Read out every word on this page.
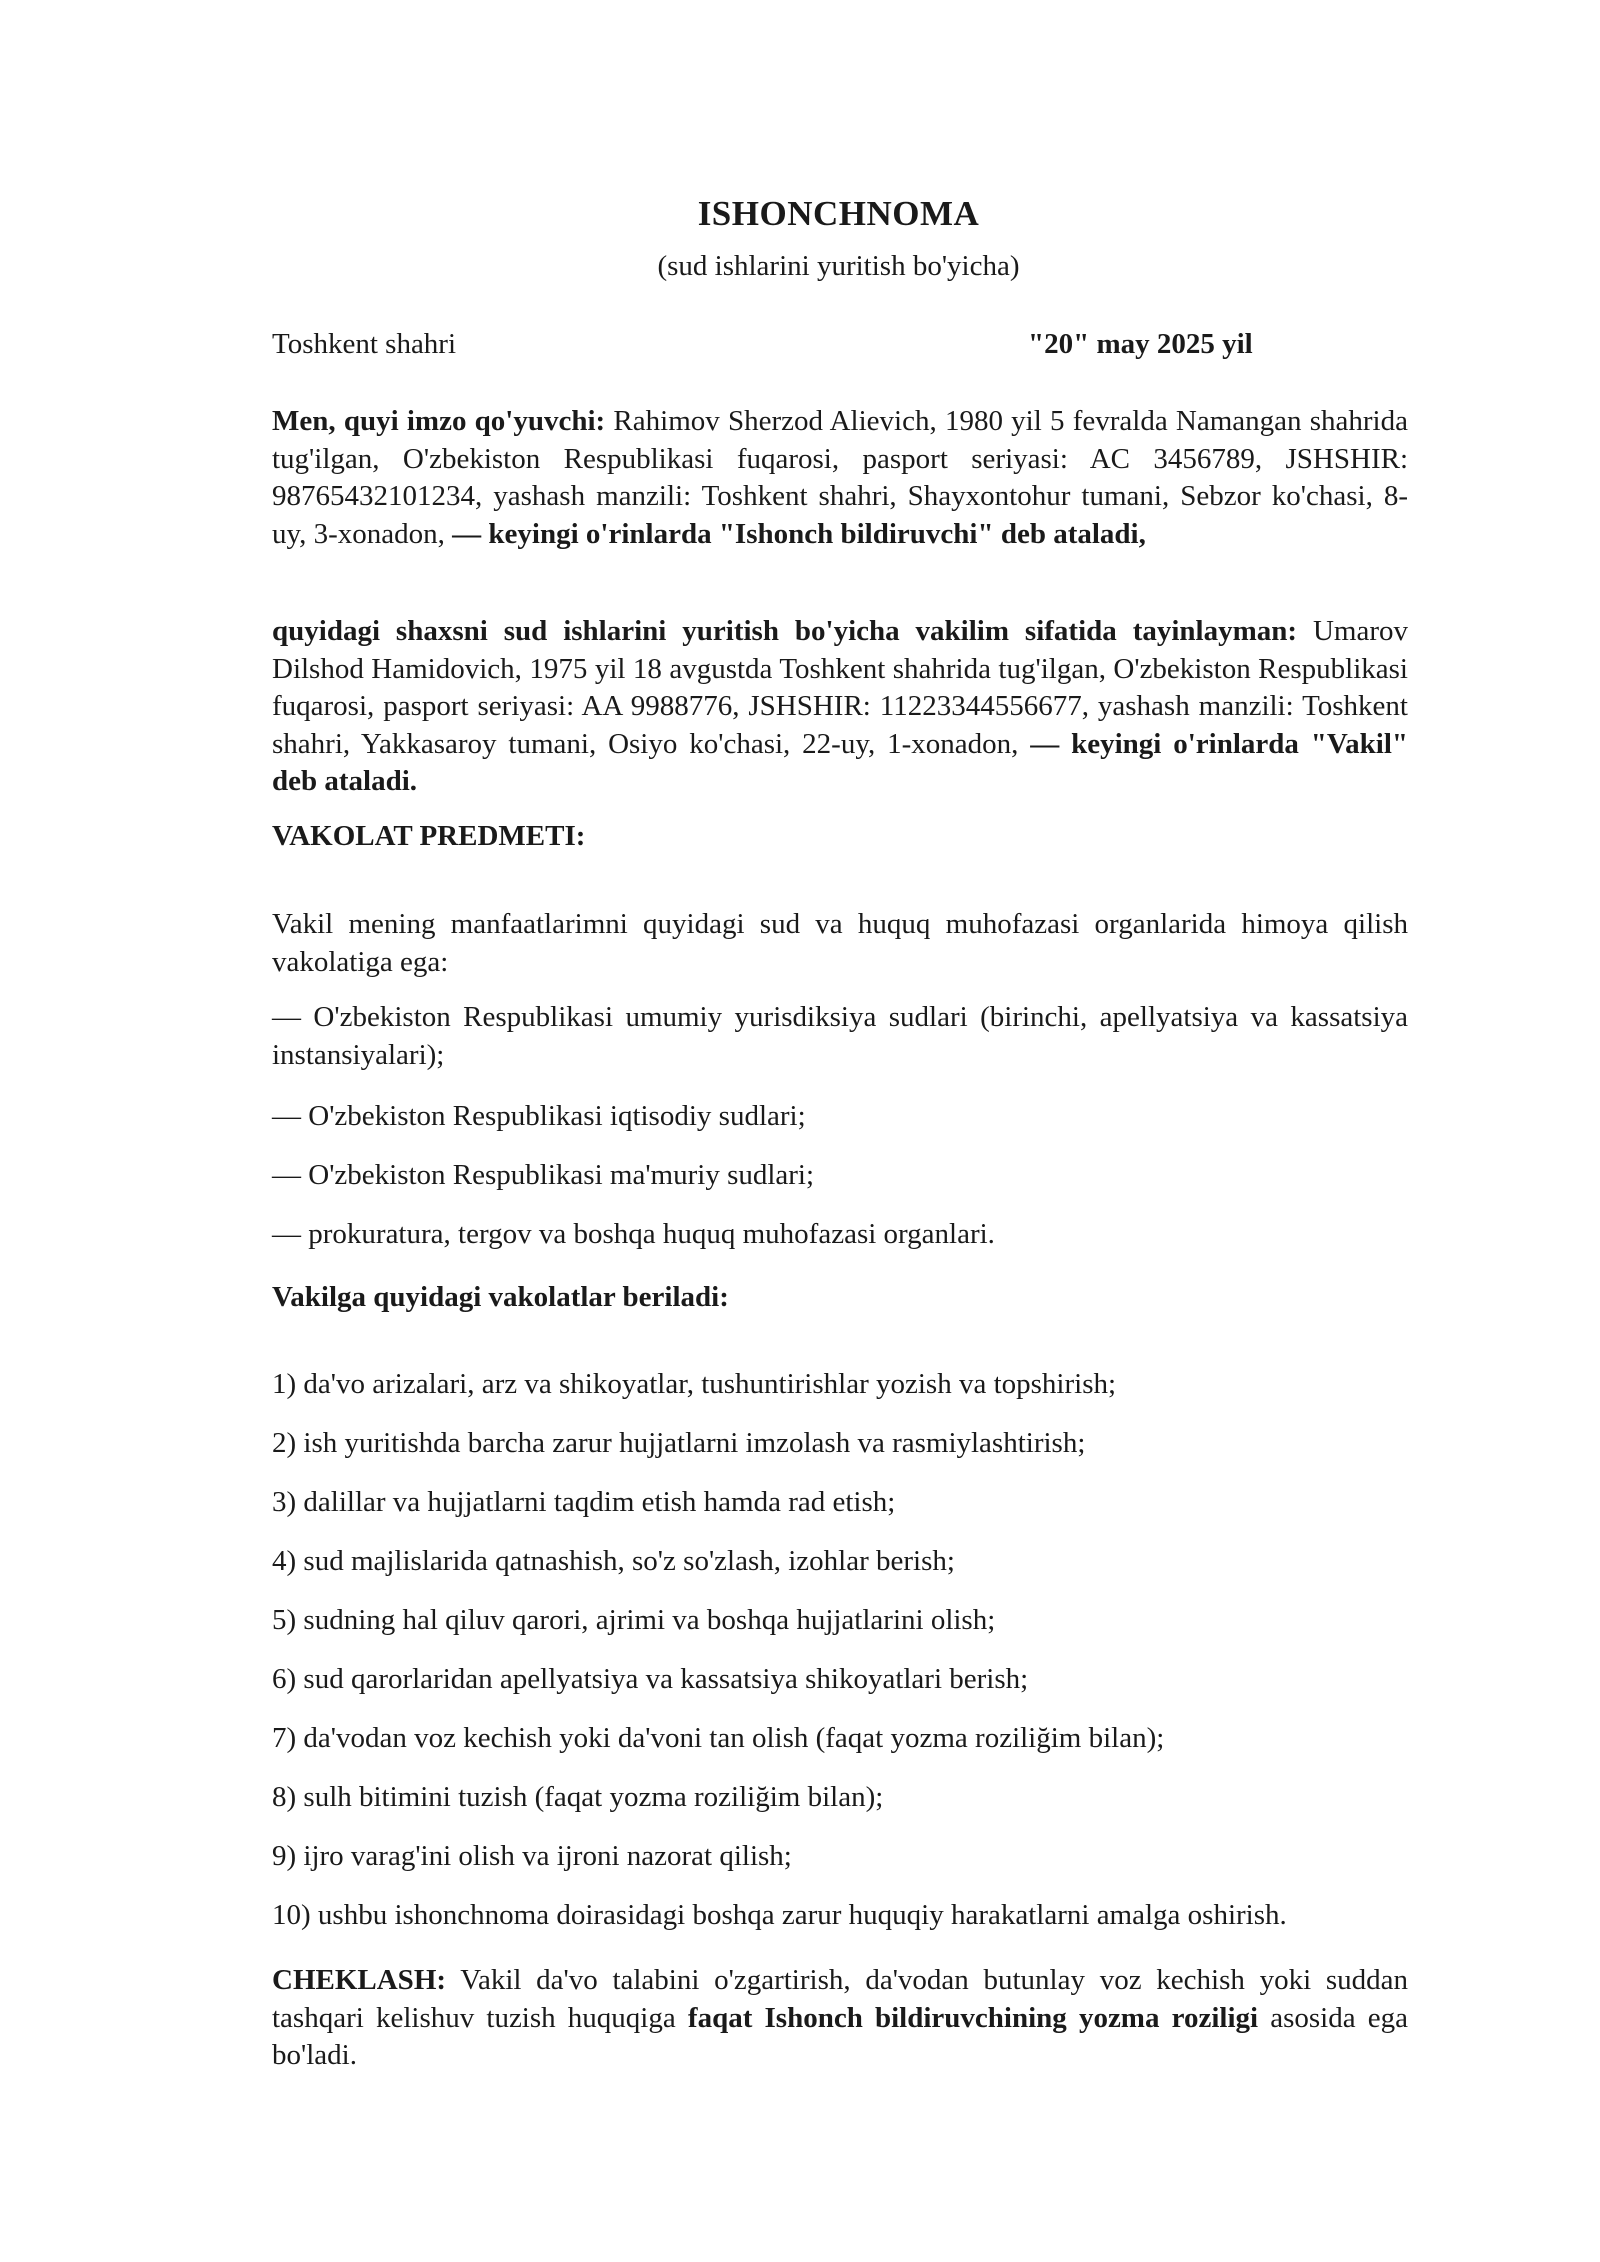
ISHONCHNOMA
(sud ishlarini yuritish bo'yicha)
Toshkent shahri	"20" may 2025 yil
Men, quyi imzo qo'yuvchi: Rahimov Sherzod Alievich, 1980 yil 5 fevralda Namangan shahrida tug'ilgan, O'zbekiston Respublikasi fuqarosi, pasport seriyasi: AC 3456789, JSHSHIR: 98765432101234, yashash manzili: Toshkent shahri, Shayxontohur tumani, Sebzor ko'chasi, 8-uy, 3-xonadon, — keyingi o'rinlarda "Ishonch bildiruvchi" deb ataladi,
quyidagi shaxsni sud ishlarini yuritish bo'yicha vakilim sifatida tayinlayman: Umarov Dilshod Hamidovich, 1975 yil 18 avgustda Toshkent shahrida tug'ilgan, O'zbekiston Respublikasi fuqarosi, pasport seriyasi: AA 9988776, JSHSHIR: 11223344556677, yashash manzili: Toshkent shahri, Yakkasaroy tumani, Osiyo ko'chasi, 22-uy, 1-xonadon, — keyingi o'rinlarda "Vakil" deb ataladi.
VAKOLAT PREDMETI:
Vakil mening manfaatlarimni quyidagi sud va huquq muhofazasi organlarida himoya qilish vakolatiga ega:
— O'zbekiston Respublikasi umumiy yurisdiksiya sudlari (birinchi, apellyatsiya va kassatsiya instansiyalari);
— O'zbekiston Respublikasi iqtisodiy sudlari;
— O'zbekiston Respublikasi ma'muriy sudlari;
— prokuratura, tergov va boshqa huquq muhofazasi organlari.
Vakilga quyidagi vakolatlar beriladi:
1) da'vo arizalari, arz va shikoyatlar, tushuntirishlar yozish va topshirish;
2) ish yuritishda barcha zarur hujjatlarni imzolash va rasmiylashtirish;
3) dalillar va hujjatlarni taqdim etish hamda rad etish;
4) sud majlislarida qatnashish, so'z so'zlash, izohlar berish;
5) sudning hal qiluv qarori, ajrimi va boshqa hujjatlarini olish;
6) sud qarorlaridan apellyatsiya va kassatsiya shikoyatlari berish;
7) da'vodan voz kechish yoki da'voni tan olish (faqat yozma roziliğim bilan);
8) sulh bitimini tuzish (faqat yozma roziliğim bilan);
9) ijro varag'ini olish va ijroni nazorat qilish;
10) ushbu ishonchnoma doirasidagi boshqa zarur huquqiy harakatlarni amalga oshirish.
CHEKLASH: Vakil da'vo talabini o'zgartirish, da'vodan butunlay voz kechish yoki suddan tashqari kelishuv tuzish huquqiga faqat Ishonch bildiruvchining yozma roziligi asosida ega bo'ladi.
